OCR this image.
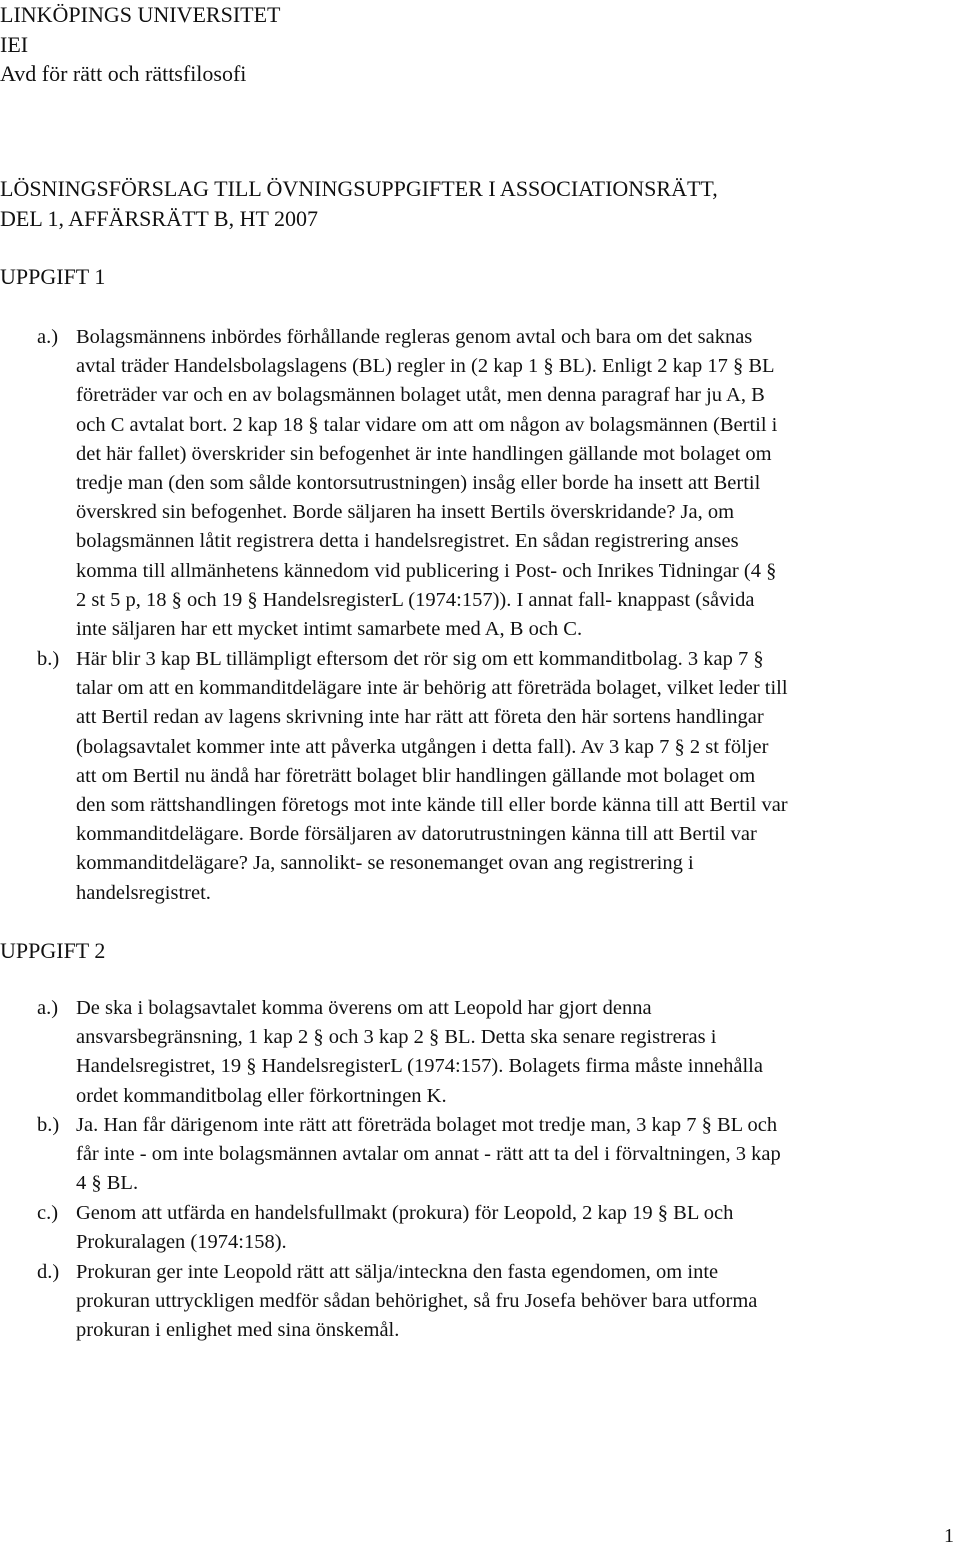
LINKÖPINGS UNIVERSITET
IEI
Avd för rätt och rättsfilosofi
LÖSNINGSFÖRSLAG TILL ÖVNINGSUPPGIFTER I ASSOCIATIONSRÄTT,
DEL 1, AFFÄRSRÄTT B, HT 2007
UPPGIFT 1
a.) Bolagsmännens inbördes förhållande regleras genom avtal och bara om det saknas
avtal träder Handelsbolagslagens (BL) regler in (2 kap 1 § BL). Enligt 2 kap 17 § BL
företräder var och en av bolagsmännen bolaget utåt, men denna paragraf har ju A, B
och C avtalat bort. 2 kap 18 § talar vidare om att om någon av bolagsmännen (Bertil i
det här fallet) överskrider sin befogenhet är inte handlingen gällande mot bolaget om
tredje man (den som sålde kontorsutrustningen) insåg eller borde ha insett att Bertil
överskred sin befogenhet. Borde säljaren ha insett Bertils överskridande? Ja, om
bolagsmännen låtit registrera detta i handelsregistret. En sådan registrering anses
komma till allmänhetens kännedom vid publicering i Post- och Inrikes Tidningar (4 §
2 st 5 p, 18 § och 19 § HandelsregisterL (1974:157)). I annat fall- knappast (såvida
inte säljaren har ett mycket intimt samarbete med A, B och C.
b.) Här blir 3 kap BL tillämpligt eftersom det rör sig om ett kommanditbolag. 3 kap 7 §
talar om att en kommanditdelägare inte är behörig att företräda bolaget, vilket leder till
att Bertil redan av lagens skrivning inte har rätt att företa den här sortens handlingar
(bolagsavtalet kommer inte att påverka utgången i detta fall). Av 3 kap 7 § 2 st följer
att om Bertil nu ändå har företrätt bolaget blir handlingen gällande mot bolaget om
den som rättshandlingen företogs mot inte kände till eller borde känna till att Bertil var
kommanditdelägare. Borde försäljaren av datorutrustningen känna till att Bertil var
kommanditdelägare? Ja, sannolikt- se resonemanget ovan ang registrering i
handelsregistret.
UPPGIFT 2
a.) De ska i bolagsavtalet komma överens om att Leopold har gjort denna
ansvarsbegränsning, 1 kap 2 § och 3 kap 2 § BL. Detta ska senare registreras i
Handelsregistret, 19 § HandelsregisterL (1974:157). Bolagets firma måste innehålla
ordet kommanditbolag eller förkortningen K.
b.) Ja. Han får därigenom inte rätt att företräda bolaget mot tredje man, 3 kap 7 § BL och
får inte - om inte bolagsmännen avtalar om annat - rätt att ta del i förvaltningen, 3 kap
4 § BL.
c.) Genom att utfärda en handelsfullmakt (prokura) för Leopold, 2 kap 19 § BL och
Prokuralagen (1974:158).
d.) Prokuran ger inte Leopold rätt att sälja/inteckna den fasta egendomen, om inte
prokuran uttryckligen medför sådan behörighet, så fru Josefa behöver bara utforma
prokuran i enlighet med sina önskemål.
1
